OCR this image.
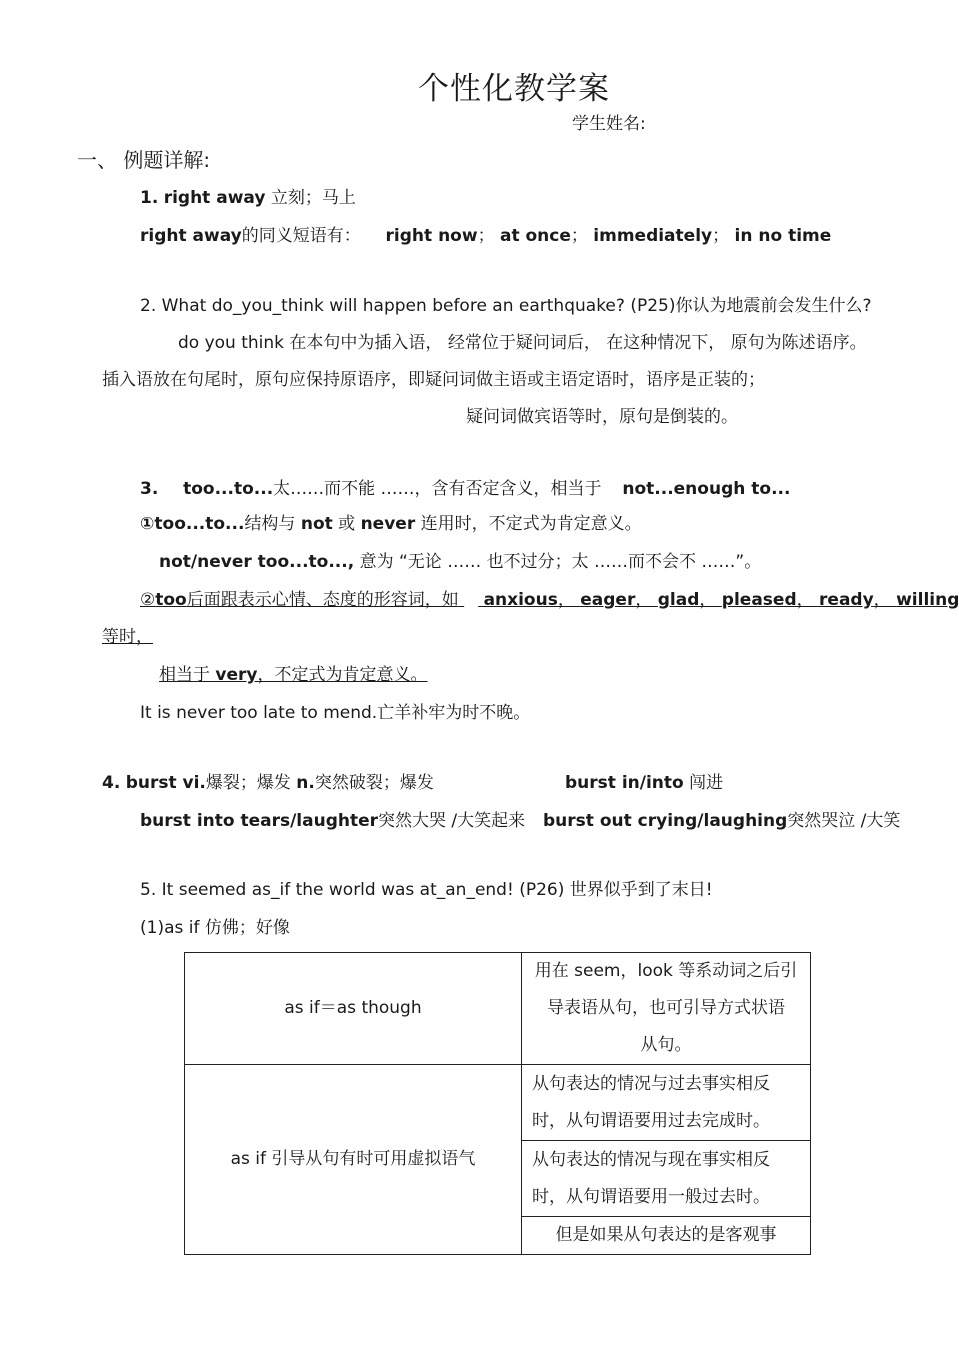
个性化教学案
学生姓名:
一、 例题详解:
1. right away 立刻；马上
right away的同义短语有： right now； at once； immediately； in no time
2. What do_you_think will happen before an earthquake? (P25)你认为地震前会发生什么?
do you think 在本句中为插入语， 经常位于疑问词后， 在这种情况下， 原句为陈述语序。
插入语放在句尾时，原句应保持原语序，即疑问词做主语或主语定语时，语序是正装的；
疑问词做宾语等时，原句是倒装的。
3. too...to...太……而不能 ……，含有否定含义，相当于 not...enough to...
①too...to...结构与 not 或 never 连用时，不定式为肯定意义。
not/never too...to..., 意为 “无论 …… 也不过分；太 ……而不会不 ……”。
②too后面跟表示心情、态度的形容词，如 anxious， eager， glad， pleased， ready， willing
等时，
相当于 very，不定式为肯定意义。
It is never too late to mend.亡羊补牢为时不晚。
4. burst vi.爆裂；爆发 n.突然破裂；爆发	burst in/into 闯进
burst into tears/laughter突然大哭 /大笑起来 burst out crying/laughing突然哭泣 /大笑
5. It seemed as_if the world was at_an_end! (P26) 世界似乎到了末日!
(1)as if 仿佛；好像
as if＝as though	用在 seem，look 等系动词之后引
导表语从句，也可引导方式状语
从句。

as if 引导从句有时可用虚拟语气	从句表达的情况与过去事实相反
时，从句谓语要用过去完成时。

	从句表达的情况与现在事实相反
时，从句谓语要用一般过去时。

	但是如果从句表达的是客观事
